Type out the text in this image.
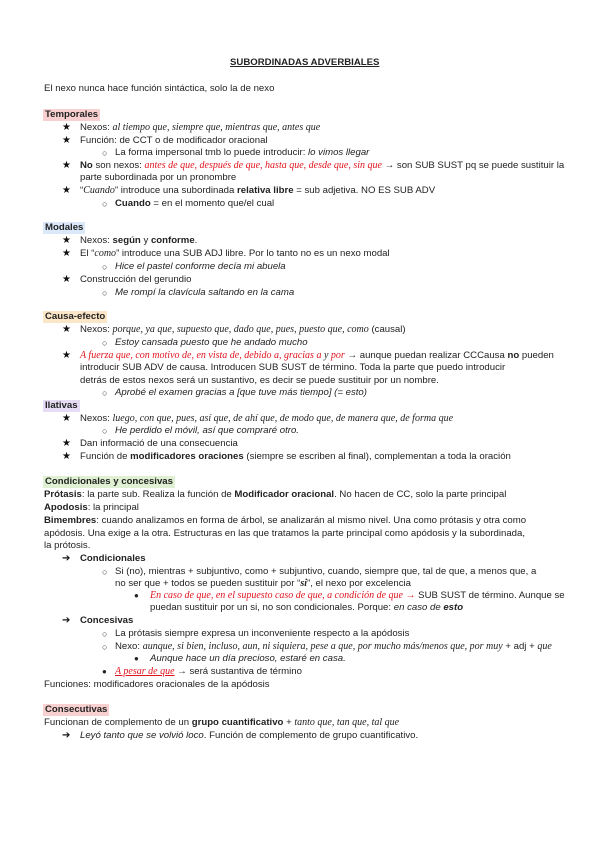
SUBORDINADAS ADVERBIALES
El nexo nunca hace función sintáctica, solo la de nexo
Temporales
★ Nexos: al tiempo que, siempre que, mientras que, antes que
★ Función: de CCT o de modificador oracional
○ La forma impersonal tmb lo puede introducir: lo vimos llegar
★ No son nexos: antes de que, después de que, hasta que, desde que, sin que → son SUB SUST pq se puede sustituir la
parte subordinada por un pronombre
★ “Cuando” introduce una subordinada relativa libre = sub adjetiva. NO ES SUB ADV
○ Cuando = en el momento que/el cual
Modales
★ Nexos: según y conforme.
★ El “como” introduce una SUB ADJ libre. Por lo tanto no es un nexo modal
○ Hice el pastel conforme decía mi abuela
★ Construcción del gerundio
○ Me rompí la clavícula saltando en la cama
Causa-efecto
★ Nexos: porque, ya que, supuesto que, dado que, pues, puesto que, como (causal)
○ Estoy cansada puesto que he andado mucho
★ A fuerza que, con motivo de, en vista de, debido a, gracias a y por → aunque puedan realizar CCCausa no pueden
introducir SUB ADV de causa. Introducen SUB SUST de término. Toda la parte que puedo introducir
detrás de estos nexos será un sustantivo, es decir se puede sustituir por un nombre.
○ Aprobé el examen gracias a [que tuve más tiempo] (= esto)
Ilativas
★ Nexos: luego, con que, pues, así que, de ahí que, de modo que, de manera que, de forma que
○ He perdido el móvil, así que compraré otro.
★ Dan informació de una consecuencia
★ Función de modificadores oraciones (siempre se escriben al final), complementan a toda la oración
Condicionales y concesivas
Prótasis: la parte sub. Realiza la función de Modificador oracional. No hacen de CC, solo la parte principal
Apodosis: la principal
Bimembres: cuando analizamos en forma de árbol, se analizarán al mismo nivel. Una como prótasis y otra como
apódosis. Una exige a la otra. Estructuras en las que tratamos la parte principal como apódosis y la subordinada,
la prótosis.
➔ Condicionales
○ Si (no), mientras + subjuntivo, como + subjuntivo, cuando, siempre que, tal de que, a menos que, a
no ser que + todos se pueden sustituir por “si”, el nexo por excelencia
● En caso de que, en el supuesto caso de que, a condición de que → SUB SUST de término. Aunque se
puedan sustituir por un si, no son condicionales. Porque: en caso de esto
➔ Concesivas
○ La prótasis siempre expresa un inconveniente respecto a la apódosis
○ Nexo: aunque, si bien, incluso, aun, ni siquiera, pese a que, por mucho más/menos que, por muy + adj + que
● Aunque hace un día precioso, estaré en casa.
● A pesar de que → será sustantiva de término
Funciones: modificadores oracionales de la apódosis
Consecutivas
Funcionan de complemento de un grupo cuantificativo + tanto que, tan que, tal que
➔ Leyó tanto que se volvió loco. Función de complemento de grupo cuantificativo.
